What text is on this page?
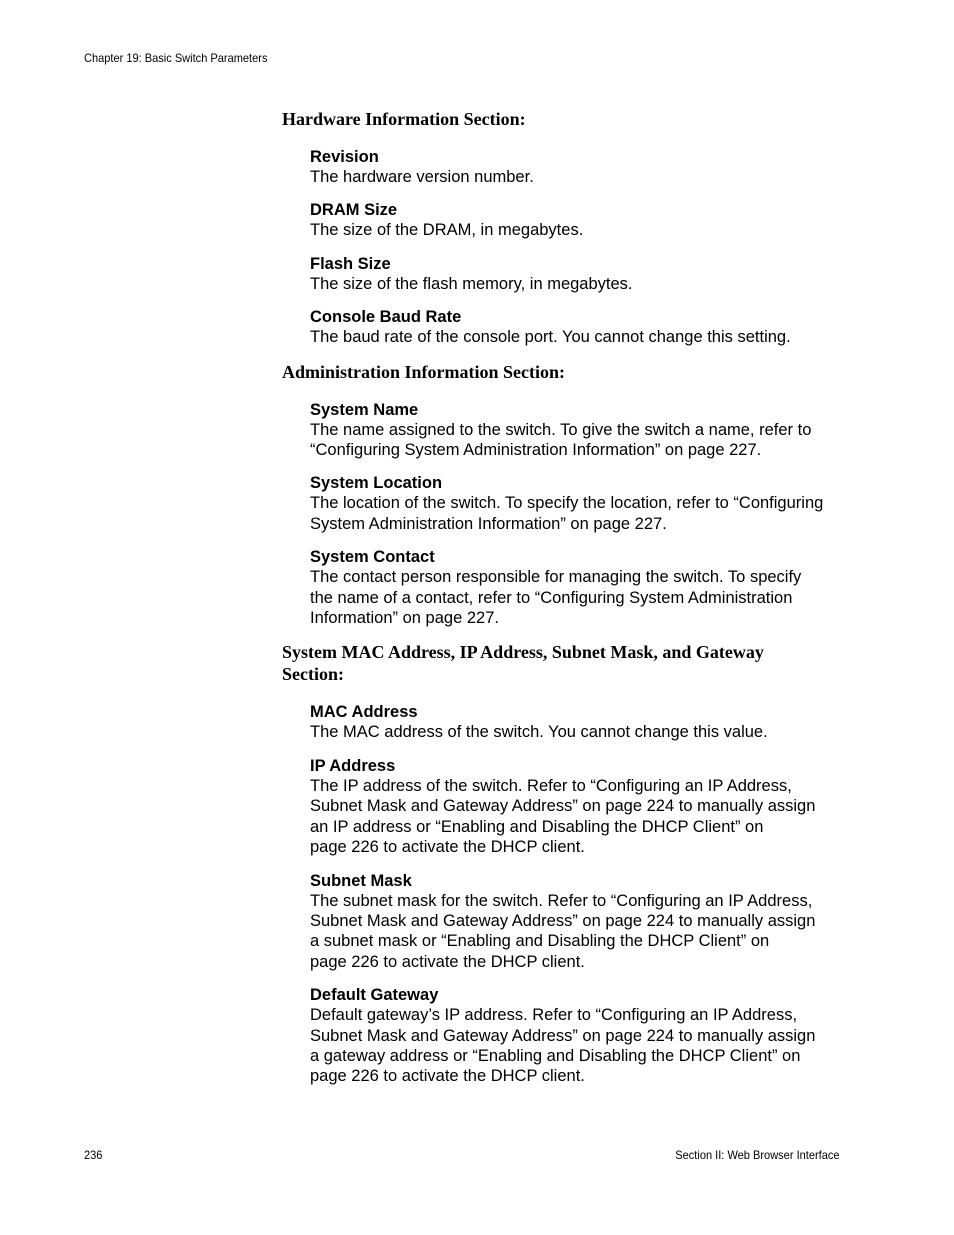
Chapter 19: Basic Switch Parameters
Hardware Information Section:
Revision
The hardware version number.
DRAM Size
The size of the DRAM, in megabytes.
Flash Size
The size of the flash memory, in megabytes.
Console Baud Rate
The baud rate of the console port. You cannot change this setting.
Administration Information Section:
System Name
The name assigned to the switch. To give the switch a name, refer to
“Configuring System Administration Information” on page 227.
System Location
The location of the switch. To specify the location, refer to “Configuring
System Administration Information” on page 227.
System Contact
The contact person responsible for managing the switch. To specify
the name of a contact, refer to “Configuring System Administration
Information” on page 227.
System MAC Address, IP Address, Subnet Mask, and Gateway
Section:
MAC Address
The MAC address of the switch. You cannot change this value.
IP Address
The IP address of the switch. Refer to “Configuring an IP Address,
Subnet Mask and Gateway Address” on page 224 to manually assign
an IP address or “Enabling and Disabling the DHCP Client” on
page 226 to activate the DHCP client.
Subnet Mask
The subnet mask for the switch. Refer to “Configuring an IP Address,
Subnet Mask and Gateway Address” on page 224 to manually assign
a subnet mask or “Enabling and Disabling the DHCP Client” on
page 226 to activate the DHCP client.
Default Gateway
Default gateway’s IP address. Refer to “Configuring an IP Address,
Subnet Mask and Gateway Address” on page 224 to manually assign
a gateway address or “Enabling and Disabling the DHCP Client” on
page 226 to activate the DHCP client.
236	Section II: Web Browser Interface
